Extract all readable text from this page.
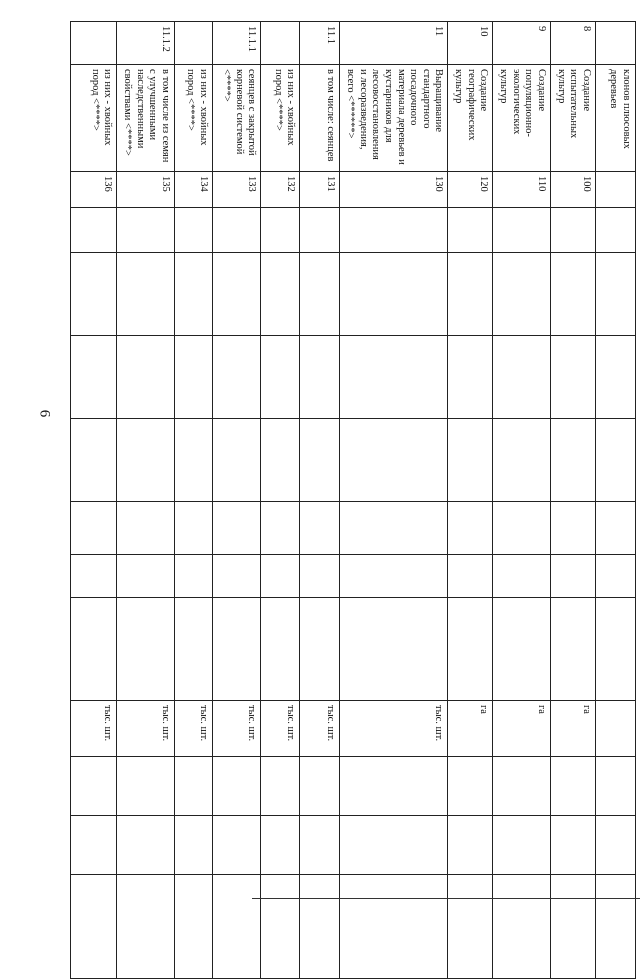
6
	клонов плюсовых деревьев												
8	Создание испытательных культур	100								га			
9	Создание популяционно-экологических культур	110								га			
10	Создание географических культур	120								га			
11	Выращивание стандартного посадочного материала деревьев и кустарников для лесовосстановления и лесоразведения, всего <******>	130								тыс. шт.			
11.1	в том числе: сеянцев	131								тыс. шт.			
	из них - хвойных пород <****>	132								тыс. шт.			
11.1.1	сеянцев с закрытой корневой системой <****>	133								тыс. шт.			
	из них - хвойных пород <****>	134								тыс. шт.			
11.1.2	в том числе из семян с улучшенными наследственными свойствами <****>	135								тыс. шт.			
	из них - хвойных пород <****>	136								тыс. шт.			
